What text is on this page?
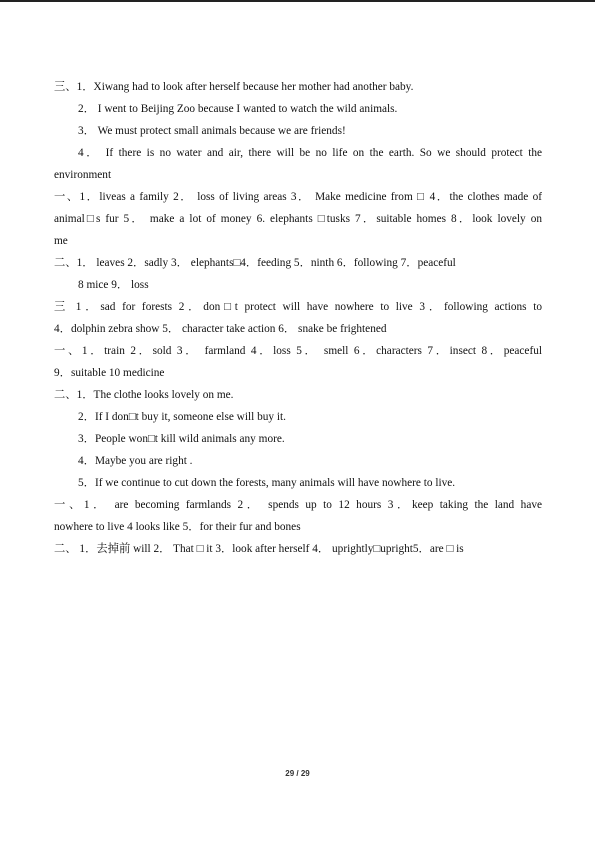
三、1．Xiwang had to look after herself because her mother had another baby.
2． I went to Beijing Zoo because I wanted to watch the wild animals.
3． We must protect small animals because we are friends!
4． If there is no water and air, there will be no life on the earth. So we should protect the
environment
一、1．liveas a family 2． loss of living areas 3． Make medicine from □ 4．the clothes made of
animal□s fur 5． make a lot of money 6. elephants □tusks 7．suitable homes 8．look lovely on
me
二、1． leaves 2．sadly 3． elephants□4．feeding 5．ninth 6．following 7．peaceful
8 mice 9． loss
三 1．sad for forests 2．don□t protect will have nowhere to live 3．following actions to
4．dolphin zebra show 5． character take action 6． snake be frightened
一、1．train 2．sold 3． farmland 4．loss 5． smell 6．characters 7．insect 8．peaceful
9．suitable 10 medicine
二、1．The clothe looks lovely on me.
2．If I don□t buy it, someone else will buy it.
3．People won□t kill wild animals any more.
4．Maybe you are right .
5．If we continue to cut down the forests, many animals will have nowhere to live.
一、1． are becoming farmlands 2． spends up to 12 hours 3．keep taking the land have
nowhere to live 4 looks like 5．for their fur and bones
二、 1．去掉前 will 2． That □ it 3．look after herself 4． uprightly□upright5．are □ is
29 / 29
